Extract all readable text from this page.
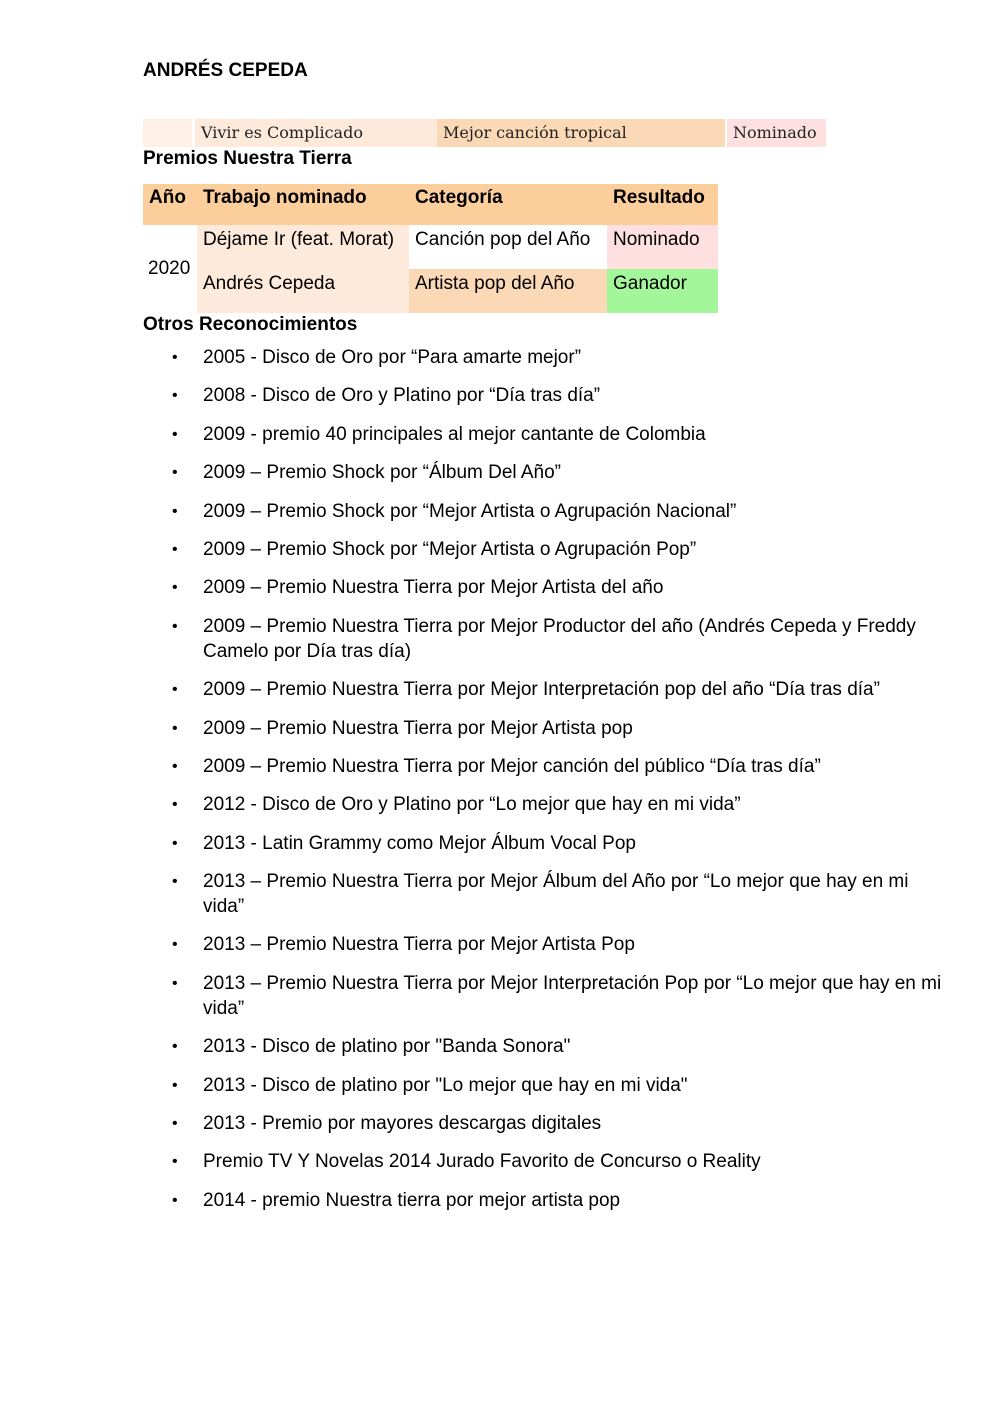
ANDRÉS CEPEDA
Vivir es Complicado	Mejor canción tropical	Nominado
Premios Nuestra Tierra
Año Trabajo nominado	Categoría	Resultado
2020
Déjame Ir (feat. Morat)	Canción pop del Año	Nominado
Andrés Cepeda	Artista pop del Año	Ganador
Otros Reconocimientos
• 2005 - Disco de Oro por “Para amarte mejor”
• 2008 - Disco de Oro y Platino por “Día tras día”
• 2009 - premio 40 principales al mejor cantante de Colombia
• 2009 – Premio Shock por “Álbum Del Año”
• 2009 – Premio Shock por “Mejor Artista o Agrupación Nacional”
• 2009 – Premio Shock por “Mejor Artista o Agrupación Pop”
• 2009 – Premio Nuestra Tierra por Mejor Artista del año
• 2009 – Premio Nuestra Tierra por Mejor Productor del año (Andrés Cepeda y Freddy Camelo por Día tras día)
• 2009 – Premio Nuestra Tierra por Mejor Interpretación pop del año “Día tras día”
• 2009 – Premio Nuestra Tierra por Mejor Artista pop
• 2009 – Premio Nuestra Tierra por Mejor canción del público “Día tras día”
• 2012 - Disco de Oro y Platino por “Lo mejor que hay en mi vida”
• 2013 - Latin Grammy como Mejor Álbum Vocal Pop
• 2013 – Premio Nuestra Tierra por Mejor Álbum del Año por “Lo mejor que hay en mi vida”
• 2013 – Premio Nuestra Tierra por Mejor Artista Pop
• 2013 – Premio Nuestra Tierra por Mejor Interpretación Pop por “Lo mejor que hay en mi vida”
• 2013 - Disco de platino por "Banda Sonora"
• 2013 - Disco de platino por "Lo mejor que hay en mi vida"
• 2013 - Premio por mayores descargas digitales
• Premio TV Y Novelas 2014 Jurado Favorito de Concurso o Reality
• 2014 - premio Nuestra tierra por mejor artista pop
